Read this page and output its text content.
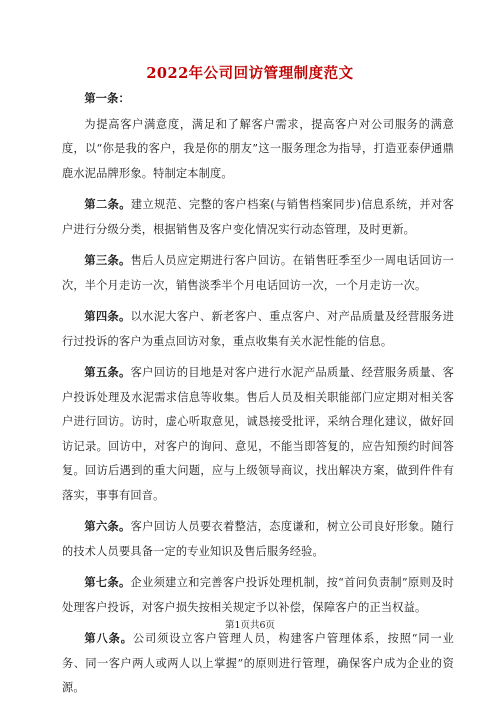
2022年公司回访管理制度范文

第一条：

为提高客户满意度，满足和了解客户需求，提高客户对公司服务的满意度，以“你是我的客户，我是你的朋友”这一服务理念为指导，打造亚泰伊通鼎鹿水泥品牌形象。特制定本制度。

第二条。建立规范、完整的客户档案(与销售档案同步)信息系统，并对客户进行分级分类，根据销售及客户变化情况实行动态管理，及时更新。

第三条。售后人员应定期进行客户回访。在销售旺季至少一周电话回访一次，半个月走访一次，销售淡季半个月电话回访一次，一个月走访一次。

第四条。以水泥大客户、新老客户、重点客户、对产品质量及经营服务进行过投诉的客户为重点回访对象，重点收集有关水泥性能的信息。

第五条。客户回访的目地是对客户进行水泥产品质量、经营服务质量、客户投诉处理及水泥需求信息等收集。售后人员及相关职能部门应定期对相关客户进行回访。访时，虚心听取意见，诚恳接受批评，采纳合理化建议，做好回访记录。回访中，对客户的询问、意见，不能当即答复的，应告知预约时间答复。回访后遇到的重大问题，应与上级领导商议，找出解决方案，做到件件有落实，事事有回音。

第六条。客户回访人员要衣着整洁，态度谦和，树立公司良好形象。随行的技术人员要具备一定的专业知识及售后服务经验。

第七条。企业须建立和完善客户投诉处理机制，按“首问负责制”原则及时处理客户投诉，对客户损失按相关规定予以补偿，保障客户的正当权益。

第八条。公司须设立客户管理人员，构建客户管理体系，按照“同一业务、同一客户两人或两人以上掌握”的原则进行管理，确保客户成为企业的资源。

第1页共6页
